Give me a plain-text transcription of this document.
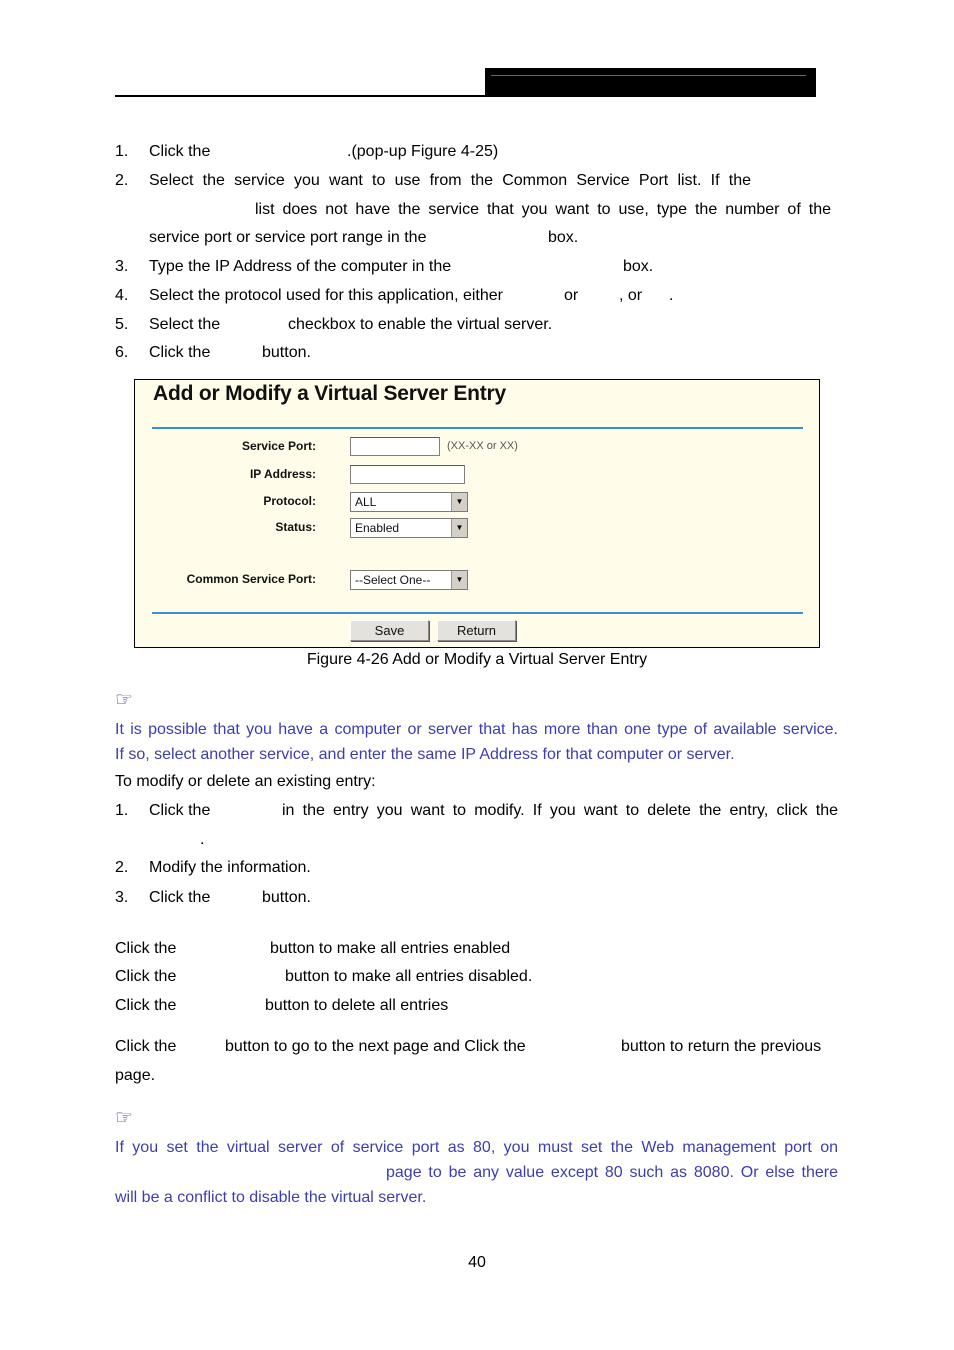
1. Click the	.(pop-up Figure 4-25)
2. Select the service you want to use from the Common Service Port list. If the
list does not have the service that you want to use, type the number of the
service port or service port range in the	box.
3. Type the IP Address of the computer in the	box.
4. Select the protocol used for this application, either	or	, or .
5. Select the	checkbox to enable the virtual server.
6. Click the	button.
Add or Modify a Virtual Server Entry
Service Port:	(XX-XX or XX)
IP Address:
Protocol:	ALL	▼
Status:	Enabled	▼
Common Service Port:	--Select One--	▼
Save	Return
Figure 4-26 Add or Modify a Virtual Server Entry
☞
It is possible that you have a computer or server that has more than one type of available service.
If so, select another service, and enter the same IP Address for that computer or server.
To modify or delete an existing entry:
1. Click the	in the entry you want to modify. If you want to delete the entry, click the
.
2. Modify the information.
3. Click the	button.
Click the	button to make all entries enabled
Click the	button to make all entries disabled.
Click the	button to delete all entries
Click the	button to go to the next page and Click the	button to return the previous
page.
☞
If you set the virtual server of service port as 80, you must set the Web management port on
page to be any value except 80 such as 8080. Or else there
will be a conflict to disable the virtual server.
40
